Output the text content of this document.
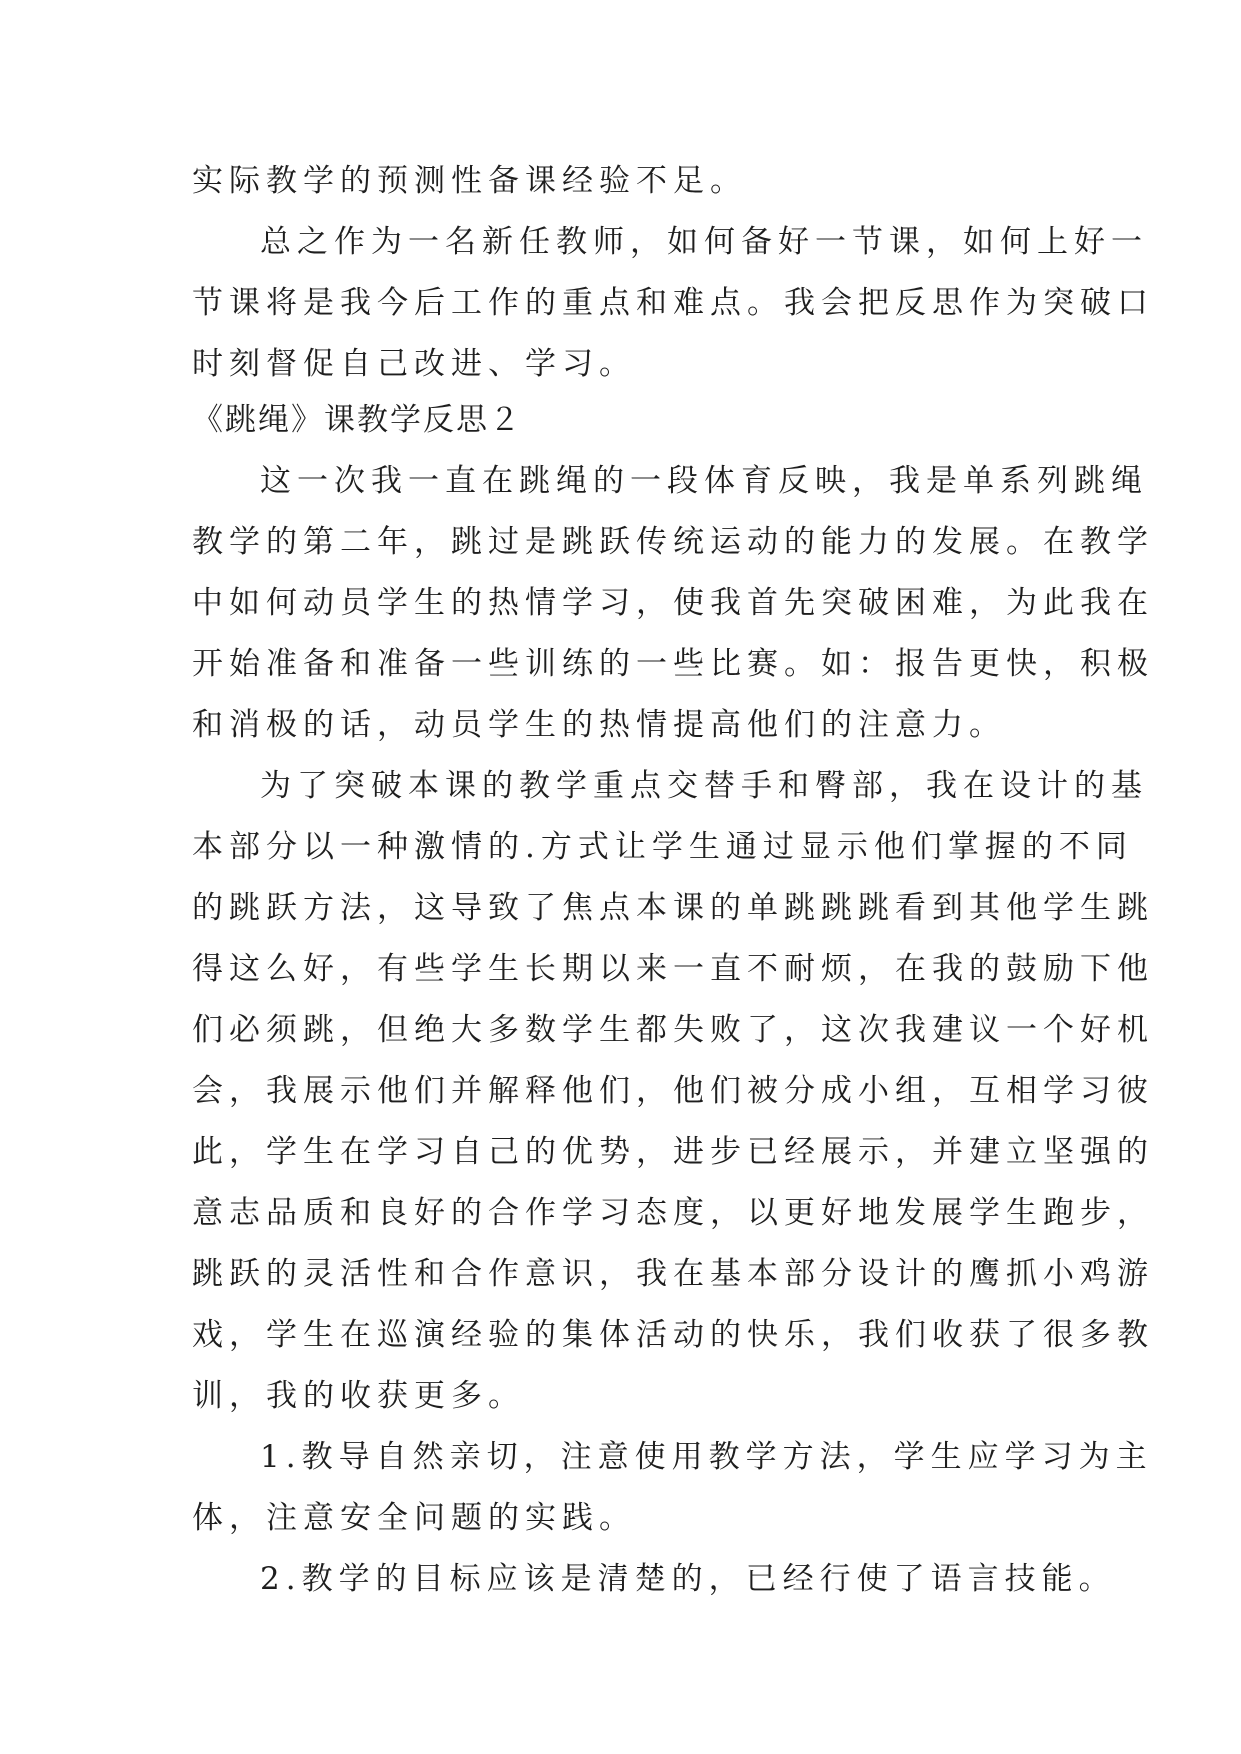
实际教学的预测性备课经验不足。
总之作为一名新任教师，如何备好一节课，如何上好一
节课将是我今后工作的重点和难点。我会把反思作为突破口
时刻督促自己改进、学习。
《跳绳》课教学反思２
这一次我一直在跳绳的一段体育反映，我是单系列跳绳
教学的第二年，跳过是跳跃传统运动的能力的发展。在教学
中如何动员学生的热情学习，使我首先突破困难，为此我在
开始准备和准备一些训练的一些比赛。如：报告更快，积极
和消极的话，动员学生的热情提高他们的注意力。
为了突破本课的教学重点交替手和臀部，我在设计的基
本部分以一种激情的.方式让学生通过显示他们掌握的不同
的跳跃方法，这导致了焦点本课的单跳跳跳看到其他学生跳
得这么好，有些学生长期以来一直不耐烦，在我的鼓励下他
们必须跳，但绝大多数学生都失败了，这次我建议一个好机
会，我展示他们并解释他们，他们被分成小组，互相学习彼
此，学生在学习自己的优势，进步已经展示，并建立坚强的
意志品质和良好的合作学习态度，以更好地发展学生跑步，
跳跃的灵活性和合作意识，我在基本部分设计的鹰抓小鸡游
戏，学生在巡演经验的集体活动的快乐，我们收获了很多教
训，我的收获更多。
1.教导自然亲切，注意使用教学方法，学生应学习为主
体，注意安全问题的实践。
2.教学的目标应该是清楚的，已经行使了语言技能。
